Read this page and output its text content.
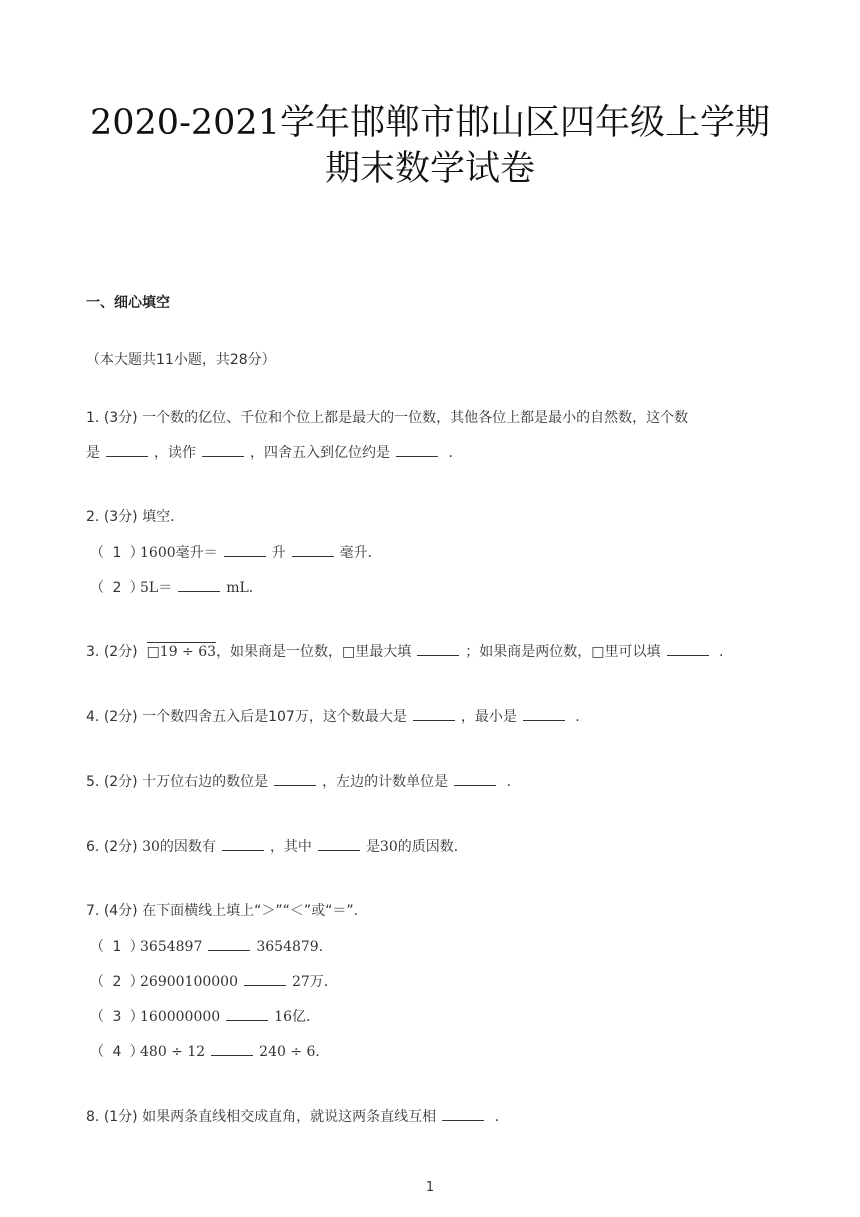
2020-2021学年邯郸市邯山区四年级上学期
期末数学试卷
一、细心填空
（本大题共11小题，共28分）
1. (3分) 一个数的亿位、千位和个位上都是最大的一位数，其他各位上都是最小的自然数，这个数
是	，读作	，四舍五入到亿位约是	.
2. (3分) 填空．
（ 1 ）1600毫升＝	升	毫升．
（ 2 ）5L＝	mL．
3. (2分) □19 ÷ 63，如果商是一位数，□里最大填	；如果商是两位数，□里可以填	.
4. (2分) 一个数四舍五入后是107万，这个数最大是	，最小是	.
5. (2分) 十万位右边的数位是	，左边的计数单位是	.
6. (2分) 30的因数有	，其中	是30的质因数．
7. (4分) 在下面横线上填上“＞”“＜”或“＝”．
（ 1 ）3654897	3654879．
（ 2 ）26900100000	27万．
（ 3 ）160000000	16亿．
（ 4 ）480 ÷ 12	240 ÷ 6．
8. (1分) 如果两条直线相交成直角，就说这两条直线互相	.
1
